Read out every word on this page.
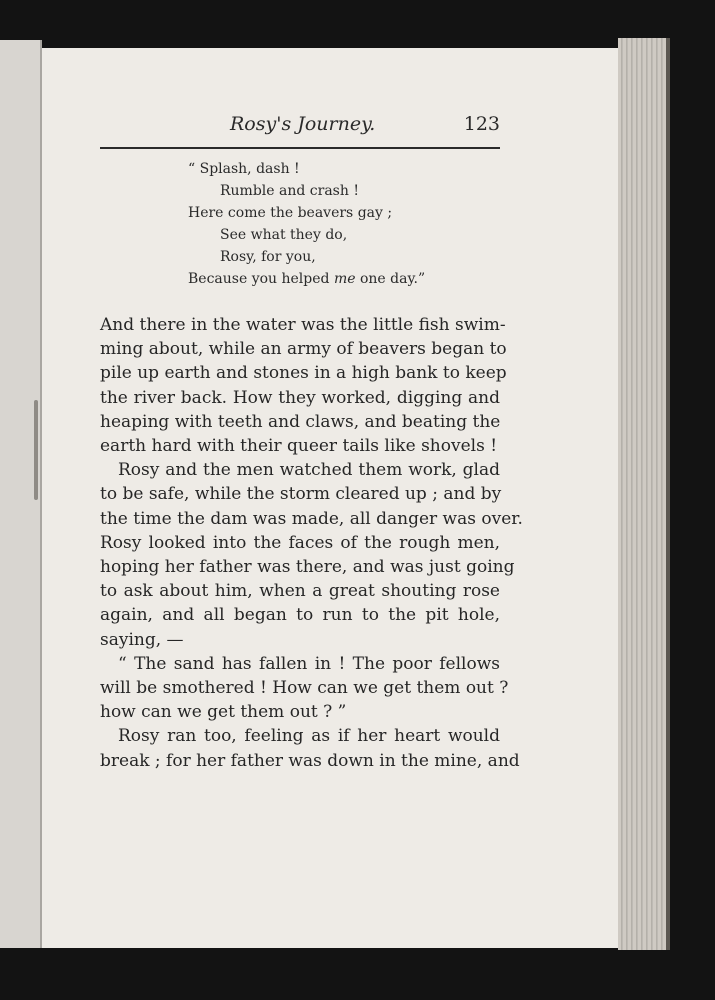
Rosy's Journey.	123
“ Splash, dash !
Rumble and crash !
Here come the beavers gay ;
See what they do,
Rosy, for you,
Because you helped me one day.”
And there in the water was the little fish swim-
ming about, while an army of beavers began to
pile up earth and stones in a high bank to keep
the river back. How they worked, digging and
heaping with teeth and claws, and beating the
earth hard with their queer tails like shovels !
Rosy and the men watched them work, glad
to be safe, while the storm cleared up ; and by
the time the dam was made, all danger was over.
Rosy looked into the faces of the rough men,
hoping her father was there, and was just going
to ask about him, when a great shouting rose
again, and all began to run to the pit hole,
saying, —
“ The sand has fallen in ! The poor fellows
will be smothered ! How can we get them out ?
how can we get them out ? ”
Rosy ran too, feeling as if her heart would
break ; for her father was down in the mine, and
